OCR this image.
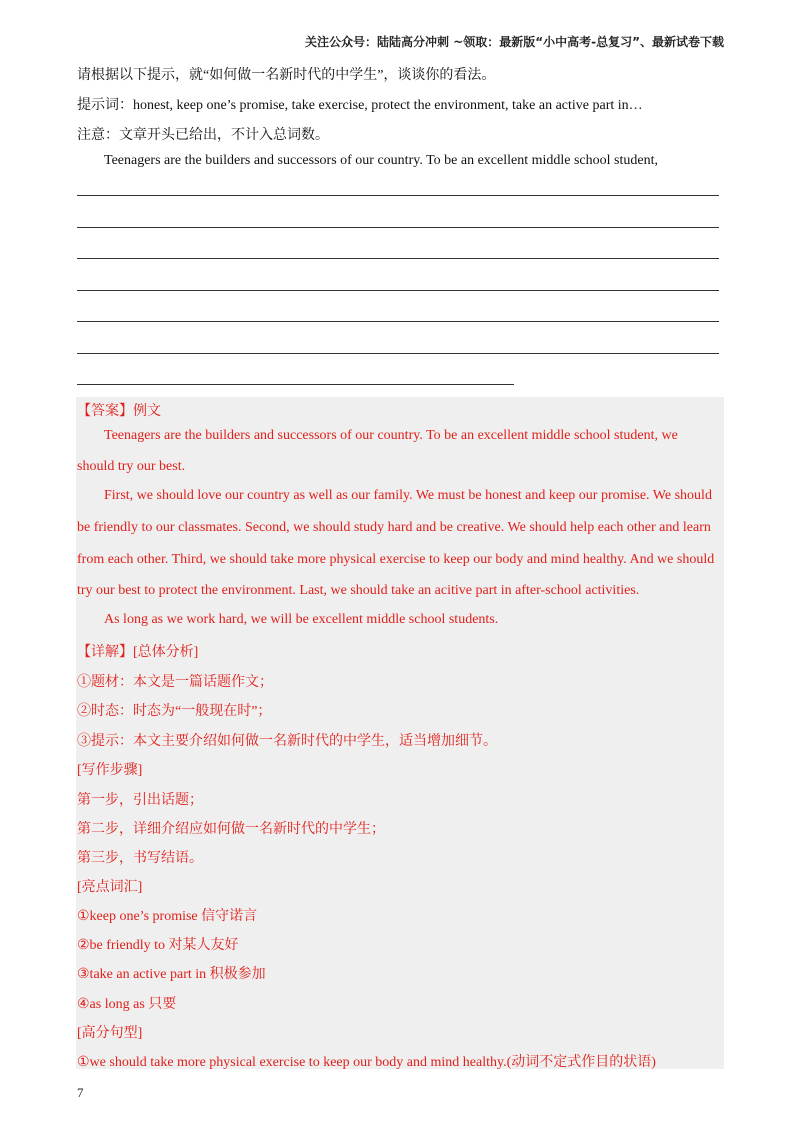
关注公众号：陆陆高分冲刺 ~领取：最新版“小中高考-总复习”、最新试卷下载
请根据以下提示，就“如何做一名新时代的中学生”，谈谈你的看法。
提示词：honest, keep one’s promise, take exercise, protect the environment, take an active part in…
注意：文章开头已给出，不计入总词数。
Teenagers are the builders and successors of our country. To be an excellent middle school student,
【答案】例文
Teenagers are the builders and successors of our country. To be an excellent middle school student, we
should try our best.
First, we should love our country as well as our family. We must be honest and keep our promise. We should
be friendly to our classmates. Second, we should study hard and be creative. We should help each other and learn
from each other. Third, we should take more physical exercise to keep our body and mind healthy. And we should
try our best to protect the environment. Last, we should take an acitive part in after-school activities.
As long as we work hard, we will be excellent middle school students.
【详解】[总体分析]
①题材：本文是一篇话题作文；
②时态：时态为“一般现在时”；
③提示：本文主要介绍如何做一名新时代的中学生，适当增加细节。
[写作步骤]
第一步，引出话题；
第二步，详细介绍应如何做一名新时代的中学生；
第三步，书写结语。
[亮点词汇]
①keep one’s promise 信守诺言
②be friendly to 对某人友好
③take an active part in 积极参加
④as long as 只要
[高分句型]
①we should take more physical exercise to keep our body and mind healthy.(动词不定式作目的状语)
7
